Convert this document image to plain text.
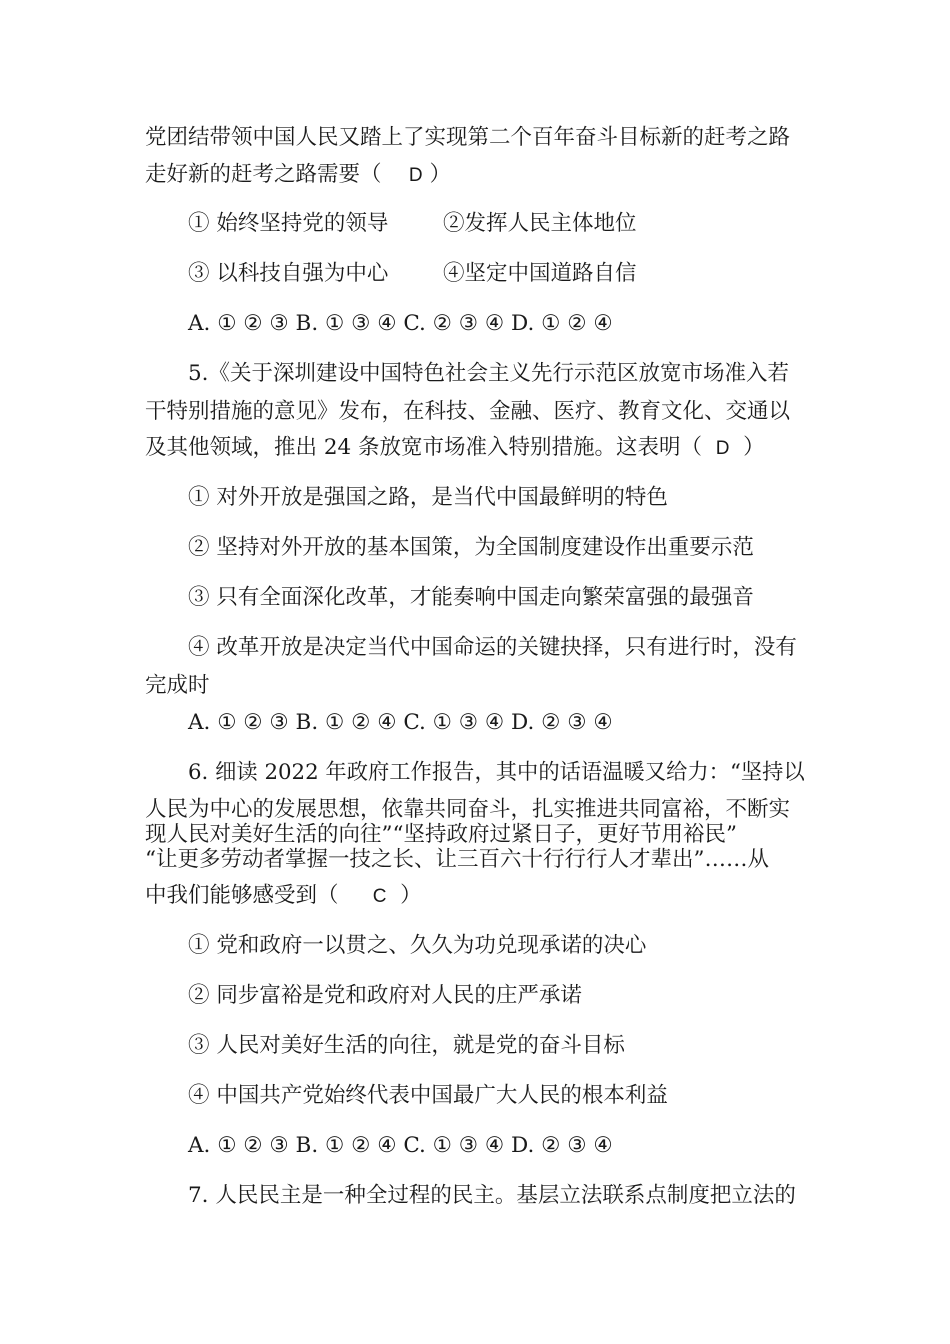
党团结带领中国人民又踏上了实现第二个百年奋斗目标新的赶考之路
走好新的赶考之路需要（ D ）
① 始终坚持党的领导        ②发挥人民主体地位
③ 以科技自强为中心        ④坚定中国道路自信
A. ① ② ③ B. ① ③ ④ C. ② ③ ④ D. ① ② ④
5.《关于深圳建设中国特色社会主义先行示范区放宽市场准入若
干特别措施的意见》发布，在科技、金融、医疗、教育文化、交通以
及其他领域，推出 24 条放宽市场准入特别措施。这表明（ D ）
① 对外开放是强国之路，是当代中国最鲜明的特色
② 坚持对外开放的基本国策，为全国制度建设作出重要示范
③ 只有全面深化改革，才能奏响中国走向繁荣富强的最强音
④ 改革开放是决定当代中国命运的关键抉择，只有进行时，没有
完成时
A. ① ② ③ B. ① ② ④ C. ① ③ ④ D. ② ③ ④
6. 细读 2022 年政府工作报告，其中的话语温暖又给力：“坚持以
人民为中心的发展思想，依靠共同奋斗，扎实推进共同富裕，不断实
现人民对美好生活的向往”“坚持政府过紧日子，更好节用裕民”
“让更多劳动者掌握一技之长、让三百六十行行行人才辈出”……从
中我们能够感受到（ C ）
① 党和政府一以贯之、久久为功兑现承诺的决心
② 同步富裕是党和政府对人民的庄严承诺
③ 人民对美好生活的向往，就是党的奋斗目标
④ 中国共产党始终代表中国最广大人民的根本利益
A. ① ② ③ B. ① ② ④ C. ① ③ ④ D. ② ③ ④
7. 人民民主是一种全过程的民主。基层立法联系点制度把立法的
